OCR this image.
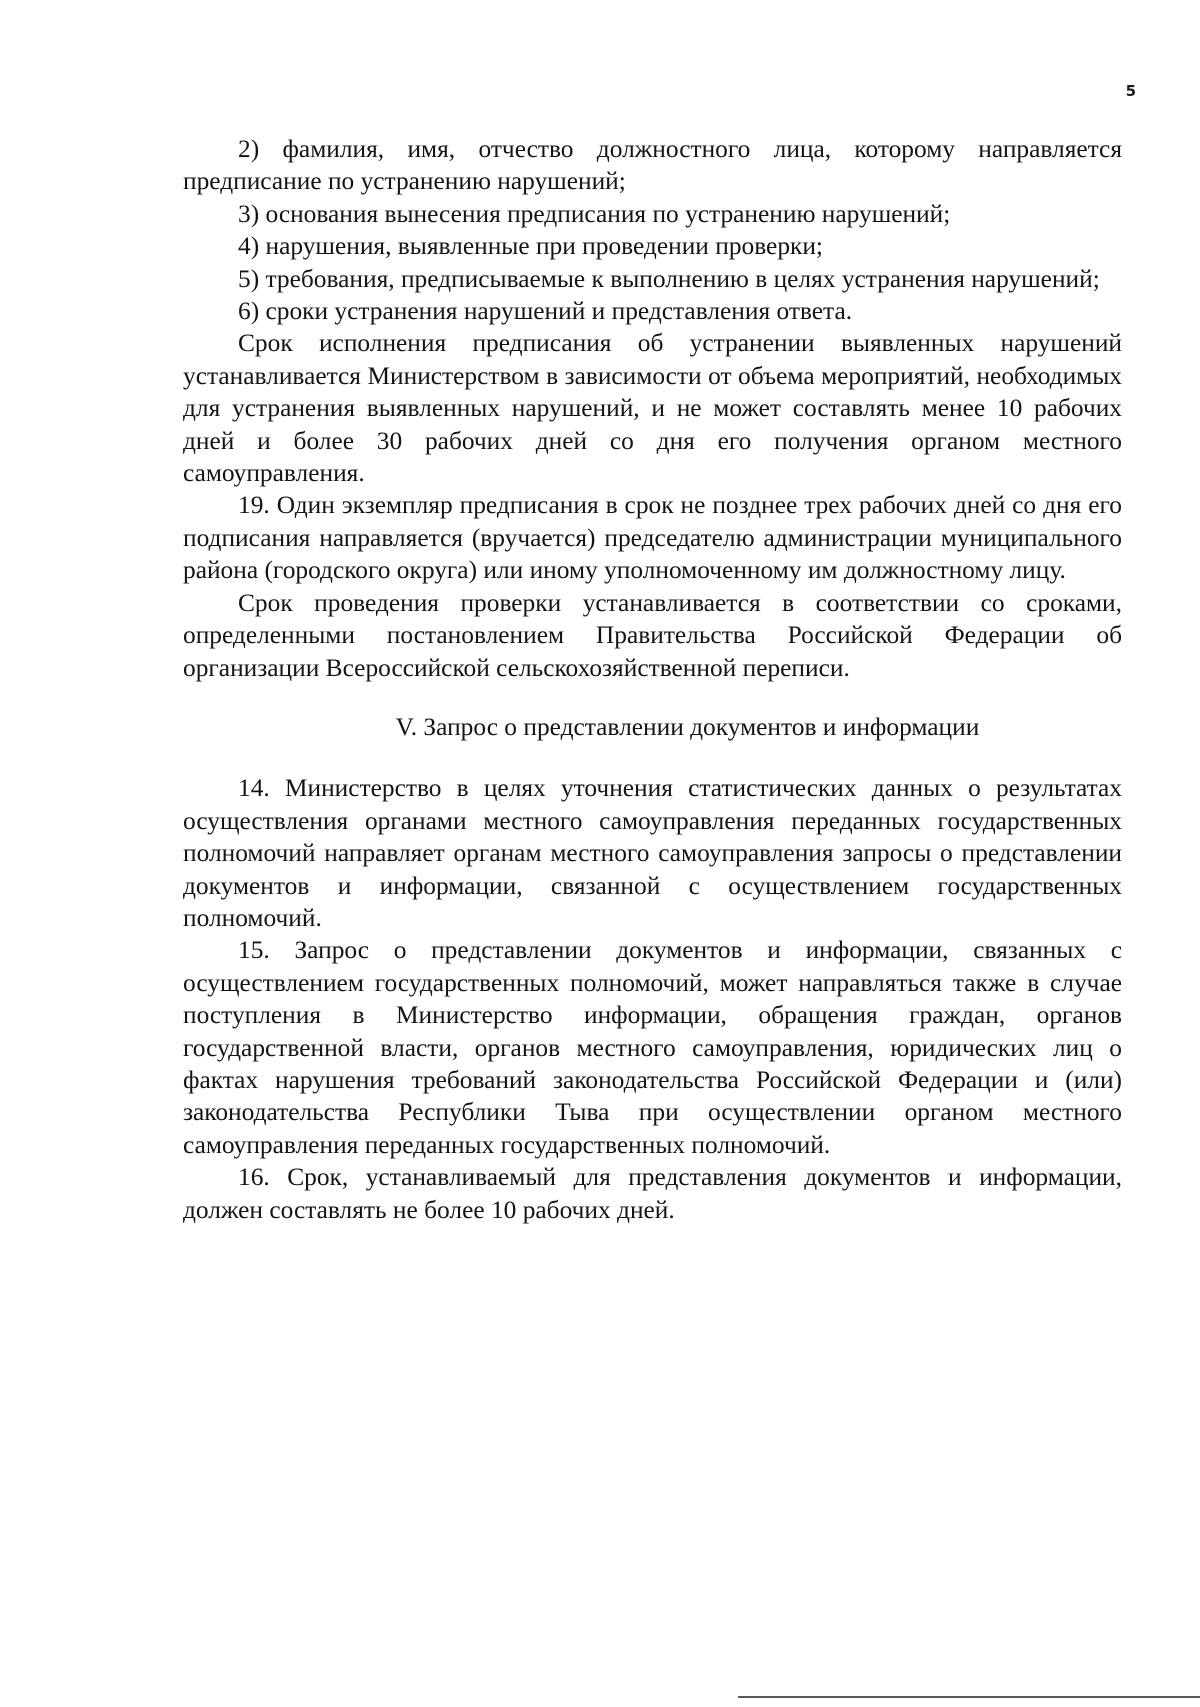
5

2) фамилия, имя, отчество должностного лица, которому направляется предписание по устранению нарушений;

3) основания вынесения предписания по устранению нарушений;

4) нарушения, выявленные при проведении проверки;

5) требования, предписываемые к выполнению в целях устранения нарушений;

6) сроки устранения нарушений и представления ответа.

Срок исполнения предписания об устранении выявленных нарушений устанавливается Министерством в зависимости от объема мероприятий, необходимых для устранения выявленных нарушений, и не может составлять менее 10 рабочих дней и более 30 рабочих дней со дня его получения органом местного самоуправления.

19. Один экземпляр предписания в срок не позднее трех рабочих дней со дня его подписания направляется (вручается) председателю администрации муниципального района (городского округа) или иному уполномоченному им должностному лицу.

Срок проведения проверки устанавливается в соответствии со сроками, определенными постановлением Правительства Российской Федерации об организации Всероссийской сельскохозяйственной переписи.

V. Запрос о представлении документов и информации

14. Министерство в целях уточнения статистических данных о результатах осуществления органами местного самоуправления переданных государственных полномочий направляет органам местного самоуправления запросы о представлении документов и информации, связанной с осуществлением государственных полномочий.

15. Запрос о представлении документов и информации, связанных с осуществлением государственных полномочий, может направляться также в случае поступления в Министерство информации, обращения граждан, органов государственной власти, органов местного самоуправления, юридических лиц о фактах нарушения требований законодательства Российской Федерации и (или) законодательства Республики Тыва при осуществлении органом местного самоуправления переданных государственных полномочий.

16. Срок, устанавливаемый для представления документов и информации, должен составлять не более 10 рабочих дней.
